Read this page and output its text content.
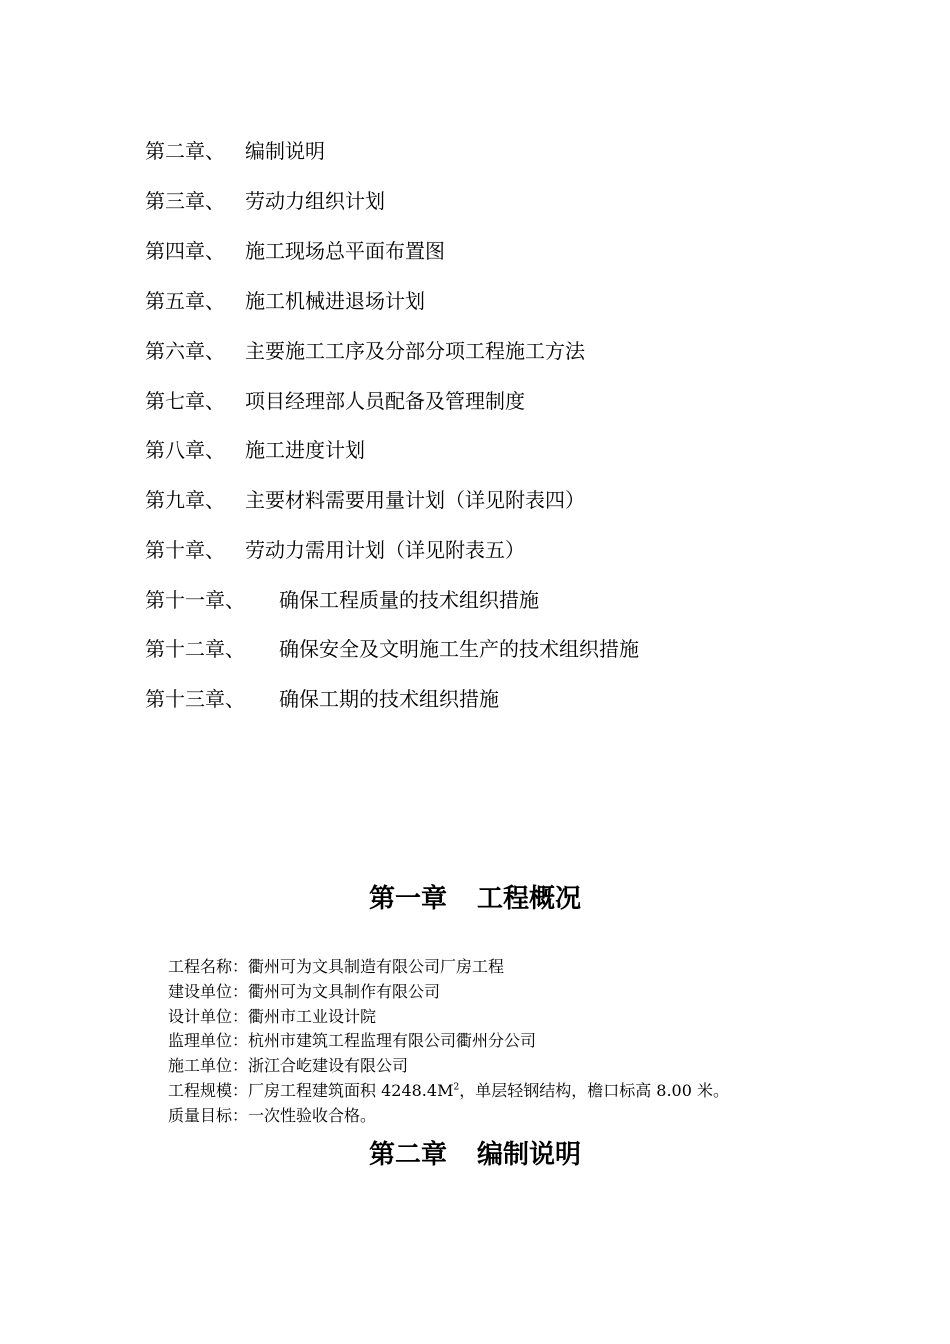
第二章、 编制说明
第三章、 劳动力组织计划
第四章、 施工现场总平面布置图
第五章、 施工机械进退场计划
第六章、 主要施工工序及分部分项工程施工方法
第七章、 项目经理部人员配备及管理制度
第八章、 施工进度计划
第九章、 主要材料需要用量计划（详见附表四）
第十章、 劳动力需用计划（详见附表五）
第十一章、 确保工程质量的技术组织措施
第十二章、 确保安全及文明施工生产的技术组织措施
第十三章、 确保工期的技术组织措施
第一章 工程概况
工程名称：衢州可为文具制造有限公司厂房工程
建设单位：衢州可为文具制作有限公司
设计单位：衢州市工业设计院
监理单位：杭州市建筑工程监理有限公司衢州分公司
施工单位：浙江合屹建设有限公司
工程规模：厂房工程建筑面积 $4248.4M^2$，单层轻钢结构，檐口标高 8.00 米。
质量目标：一次性验收合格。
第二章 编制说明
